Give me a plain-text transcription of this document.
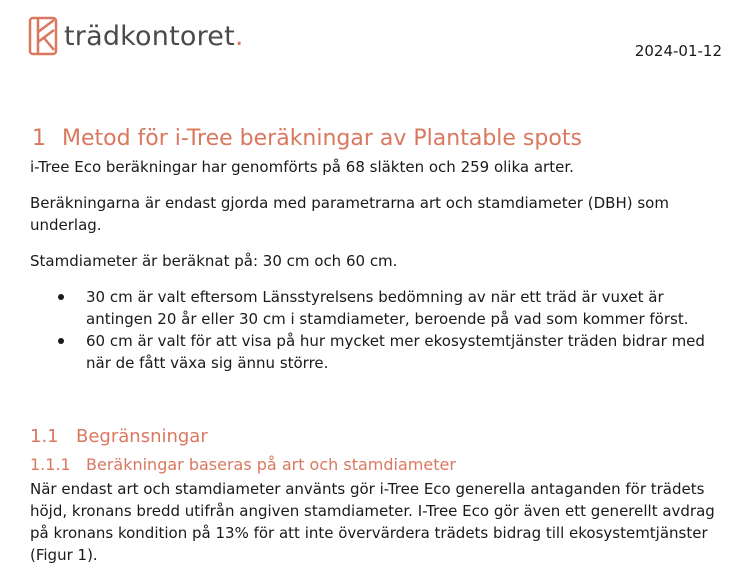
trädkontoret .	2024-01-12
1 Metod för i-Tree beräkningar av Plantable spots
i-Tree Eco beräkningar har genomförts på 68 släkten och 259 olika arter.
Beräkningarna är endast gjorda med parametrarna art och stamdiameter (DBH) som underlag.
Stamdiameter är beräknat på: 30 cm och 60 cm.
30 cm är valt eftersom Länsstyrelsens bedömning av när ett träd är vuxet är antingen 20 år eller 30 cm i stamdiameter, beroende på vad som kommer först.
60 cm är valt för att visa på hur mycket mer ekosystemtjänster träden bidrar med när de fått växa sig ännu större.
1.1 Begränsningar
1.1.1 Beräkningar baseras på art och stamdiameter
När endast art och stamdiameter använts gör i-Tree Eco generella antaganden för trädets höjd, kronans bredd utifrån angiven stamdiameter. I-Tree Eco gör även ett generellt avdrag på kronans kondition på 13% för att inte övervärdera trädets bidrag till ekosystemtjänster (Figur 1).
